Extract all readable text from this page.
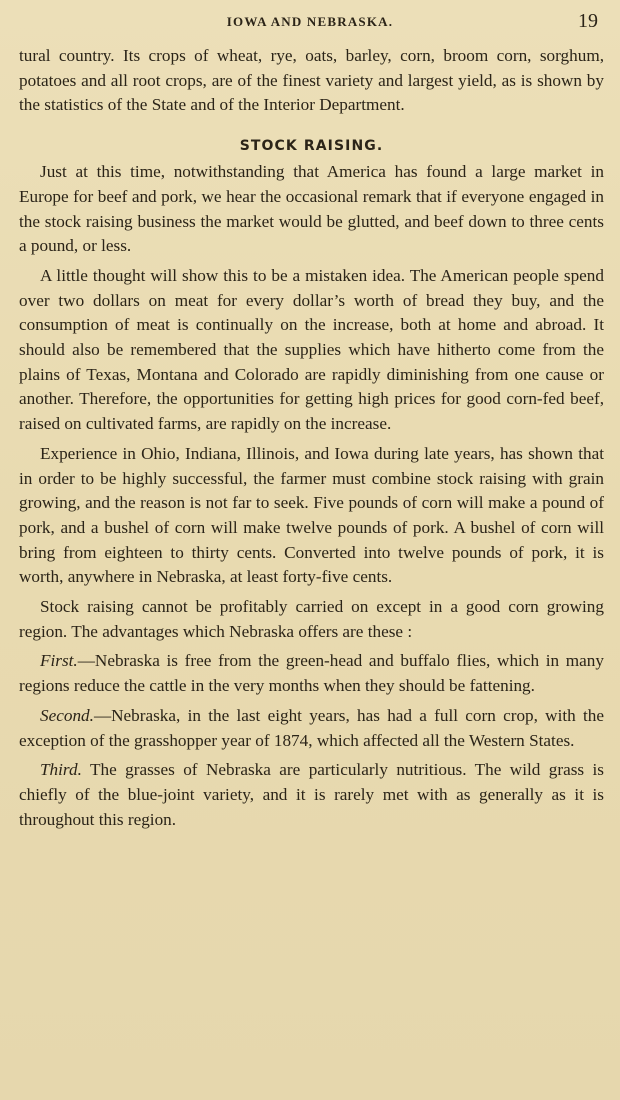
IOWA AND NEBRASKA.	19

tural country. Its crops of wheat, rye, oats, barley, corn, broom corn, sorghum, potatoes and all root crops, are of the finest variety and largest yield, as is shown by the statistics of the State and of the Interior Department.

STOCK RAISING.

Just at this time, notwithstanding that America has found a large market in Europe for beef and pork, we hear the occasional remark that if everyone engaged in the stock raising business the market would be glutted, and beef down to three cents a pound, or less.

A little thought will show this to be a mistaken idea. The American people spend over two dollars on meat for every dollar’s worth of bread they buy, and the consumption of meat is continually on the increase, both at home and abroad. It should also be remembered that the supplies which have hitherto come from the plains of Texas, Montana and Colorado are rapidly diminishing from one cause or another. Therefore, the opportunities for getting high prices for good corn-fed beef, raised on cultivated farms, are rapidly on the increase.

Experience in Ohio, Indiana, Illinois, and Iowa during late years, has shown that in order to be highly successful, the farmer must combine stock raising with grain growing, and the reason is not far to seek. Five pounds of corn will make a pound of pork, and a bushel of corn will make twelve pounds of pork. A bushel of corn will bring from eighteen to thirty cents. Converted into twelve pounds of pork, it is worth, anywhere in Nebraska, at least forty-five cents.

Stock raising cannot be profitably carried on except in a good corn growing region. The advantages which Nebraska offers are these :

First.—Nebraska is free from the green-head and buffalo flies, which in many regions reduce the cattle in the very months when they should be fattening.

Second.—Nebraska, in the last eight years, has had a full corn crop, with the exception of the grasshopper year of 1874, which affected all the Western States.

Third. The grasses of Nebraska are particularly nutritious. The wild grass is chiefly of the blue-joint variety, and it is rarely met with as generally as it is throughout this region.
